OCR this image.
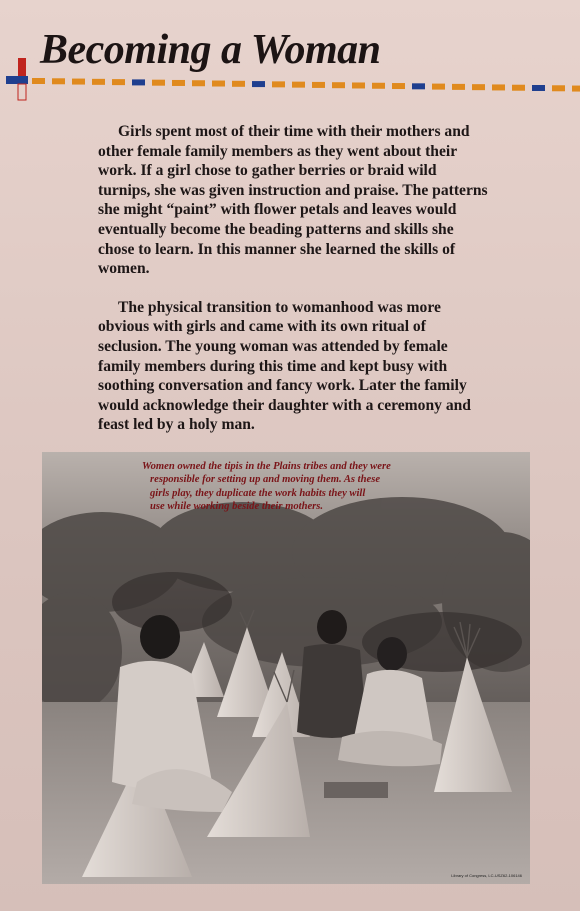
Becoming a Woman

Girls spent most of their time with their mothers and other female family members as they went about their work. If a girl chose to gather berries or braid wild turnips, she was given instruction and praise. The patterns she might “paint” with flower petals and leaves would eventually become the beading patterns and skills she chose to learn. In this manner she learned the skills of women.

The physical transition to womanhood was more obvious with girls and came with its own ritual of seclusion. The young woman was attended by female family members during this time and kept busy with soothing conversation and fancy work. Later the family would acknowledge their daughter with a ceremony and feast led by a holy man.

Women owned the tipis in the Plains tribes and they were
responsible for setting up and moving them. As these
girls play, they duplicate the work habits they will
use while working beside their mothers.
Library of Congress, LC-USZ62-106146
